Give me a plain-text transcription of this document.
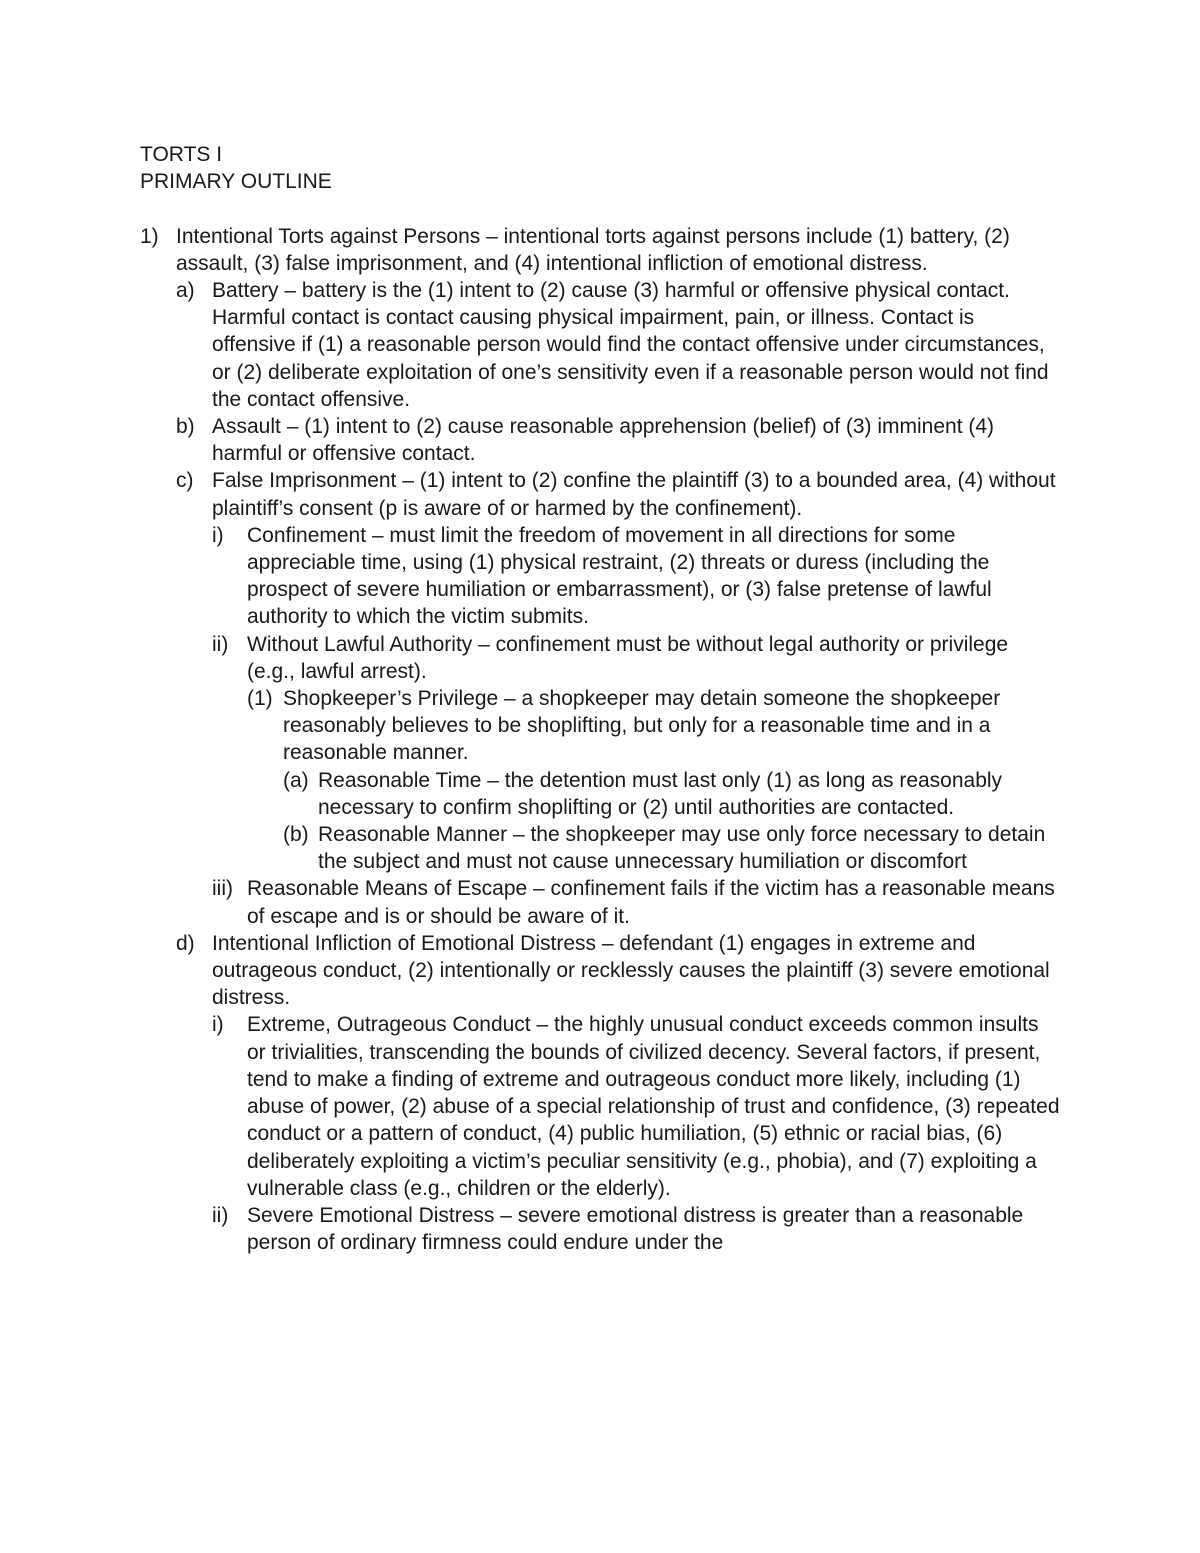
TORTS I

PRIMARY OUTLINE

1) Intentional Torts against Persons – intentional torts against persons include (1) battery, (2) assault, (3) false imprisonment, and (4) intentional infliction of emotional distress.
a) Battery – battery is the (1) intent to (2) cause (3) harmful or offensive physical contact. Harmful contact is contact causing physical impairment, pain, or illness. Contact is offensive if (1) a reasonable person would find the contact offensive under circumstances, or (2) deliberate exploitation of one’s sensitivity even if a reasonable person would not find the contact offensive.
b) Assault – (1) intent to (2) cause reasonable apprehension (belief) of (3) imminent (4) harmful or offensive contact.
c) False Imprisonment – (1) intent to (2) confine the plaintiff (3) to a bounded area, (4) without plaintiff’s consent (p is aware of or harmed by the confinement).
i)	Confinement – must limit the freedom of movement in all directions for some appreciable time, using (1) physical restraint, (2) threats or duress (including the prospect of severe humiliation or embarrassment), or (3) false pretense of lawful authority to which the victim submits.
ii) Without Lawful Authority – confinement must be without legal authority or privilege (e.g., lawful arrest).
(1) Shopkeeper’s Privilege – a shopkeeper may detain someone the shopkeeper reasonably believes to be shoplifting, but only for a reasonable time and in a reasonable manner.
(a) Reasonable Time – the detention must last only (1) as long as reasonably necessary to confirm shoplifting or (2) until authorities are contacted.
(b) Reasonable Manner – the shopkeeper may use only force necessary to detain the subject and must not cause unnecessary humiliation or discomfort
iii) Reasonable Means of Escape – confinement fails if the victim has a reasonable means of escape and is or should be aware of it.
d) Intentional Infliction of Emotional Distress – defendant (1) engages in extreme and outrageous conduct, (2) intentionally or recklessly causes the plaintiff (3) severe emotional distress.
i)	Extreme, Outrageous Conduct – the highly unusual conduct exceeds common insults or trivialities, transcending the bounds of civilized decency. Several factors, if present, tend to make a finding of extreme and outrageous conduct more likely, including (1) abuse of power, (2) abuse of a special relationship of trust and confidence, (3) repeated conduct or a pattern of conduct, (4) public humiliation, (5) ethnic or racial bias, (6) deliberately exploiting a victim’s peculiar sensitivity (e.g., phobia), and (7) exploiting a vulnerable class (e.g., children or the elderly).
ii) Severe Emotional Distress – severe emotional distress is greater than a reasonable person of ordinary firmness could endure under the
